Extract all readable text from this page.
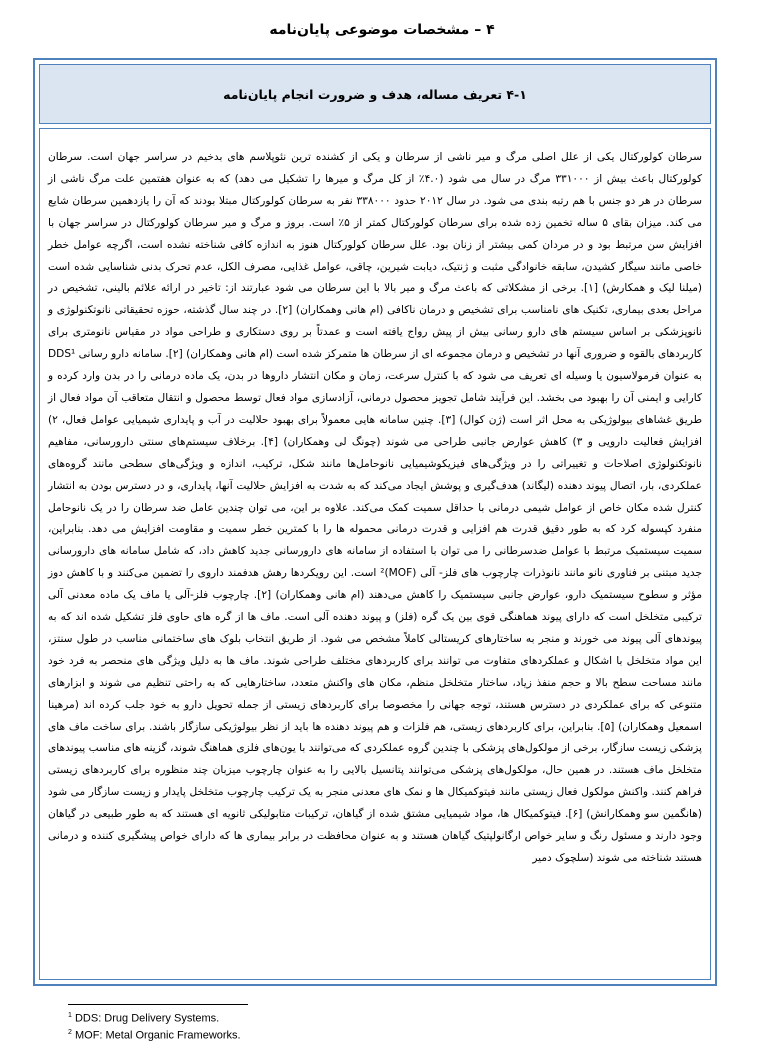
۴ – مشخصات موضوعی پایان‌نامه
۴-۱ تعریف مساله، هدف و ضرورت انجام پایان‌نامه

سرطان کولورکتال یکی از علل اصلی مرگ و میر ناشی از سرطان و یکی از کشنده ترین نئوپلاسم های بدخیم در سراسر جهان است. سرطان کولورکتال باعث بیش از ۳۳۱۰۰۰ مرگ در سال می شود (۴.۰٪ از کل مرگ و میرها را تشکیل می دهد) که به عنوان هفتمین علت مرگ ناشی از سرطان در هر دو جنس با هم رتبه بندی می شود. در سال ۲۰۱۲ حدود ۳۳۸۰۰۰ نفر به سرطان کولورکتال مبتلا بودند که آن را یازدهمین سرطان شایع می کند. میزان بقای ۵ ساله تخمین زده شده برای سرطان کولورکتال کمتر از ۵٪ است. بروز و مرگ و میر سرطان کولورکتال در سراسر جهان با افزایش سن مرتبط بود و در مردان کمی بیشتر از زنان بود. علل سرطان کولورکتال هنوز به اندازه کافی شناخته نشده است، اگرچه عوامل خطر خاصی مانند سیگار کشیدن، سابقه خانوادگی مثبت و ژنتیک، دیابت شیرین، چاقی، عوامل غذایی، مصرف الکل، عدم تحرک بدنی شناسایی شده است (میلنا لیک و همکارش) [۱]. برخی از مشکلاتی که باعث مرگ و میر بالا با این سرطان می شود عبارتند از: تاخیر در ارائه علائم بالینی، تشخیص در مراحل بعدی بیماری، تکنیک های نامناسب برای تشخیص و درمان ناکافی (ام هانی وهمکاران) [۲]. در چند سال گذشته، حوزه تحقیقاتی نانوتکنولوژی و نانوپزشکی بر اساس سیستم های دارو رسانی بیش از پیش رواج یافته است و عمدتاً بر روی دستکاری و طراحی مواد در مقیاس نانومتری برای کاربردهای بالقوه و ضروری آنها در تشخیص و درمان مجموعه ای از سرطان ها متمرکز شده است (ام هانی وهمکاران) [۲]. سامانه دارو رسانی DDS¹ به عنوان فرمولاسیون یا وسیله ای تعریف می شود که با کنترل سرعت، زمان و مکان انتشار داروها در بدن، یک ماده درمانی را در بدن وارد کرده و کارایی و ایمنی آن را بهبود می بخشد. این فرآیند شامل تجویز محصول درمانی، آزادسازی مواد فعال توسط محصول و انتقال متعاقب آن مواد فعال از طریق غشاهای بیولوژیکی به محل اثر است (ژن کوال) [۳]. چنین سامانه هایی معمولاً برای بهبود حلالیت در آب و پایداری شیمیایی عوامل فعال، ۲) افزایش فعالیت دارویی و ۳) کاهش عوارض جانبی طراحی می شوند (چونگ لی وهمکاران) [۴]. برخلاف سیستم‌های سنتی دارورسانی، مفاهیم نانوتکنولوژی اصلاحات و تغییراتی را در ویژگی‌های فیزیکوشیمیایی نانوحامل‌ها مانند شکل، ترکیب، اندازه و ویژگی‌های سطحی مانند گروه‌های عملکردی، بار، اتصال پیوند دهنده (لیگاند) هدف‌گیری و پوشش ایجاد می‌کند که به شدت به افزایش حلالیت آنها، پایداری، و در دسترس بودن به انتشار کنترل شده مکان خاص از عوامل شیمی درمانی با حداقل سمیت کمک می‌کند. علاوه بر این، می توان چندین عامل ضد سرطان را در یک نانوحامل منفرد کپسوله کرد که به طور دقیق قدرت هم افزایی و قدرت درمانی محموله ها را با کمترین خطر سمیت و مقاومت افزایش می دهد. بنابراین، سمیت سیستمیک مرتبط با عوامل ضدسرطانی را می توان با استفاده از سامانه های دارورسانی جدید کاهش داد، که شامل سامانه های دارورسانی جدید مبتنی بر فناوری نانو مانند نانوذرات چارچوب های فلز- آلی (MOF)² است. این رویکردها رهش هدفمند داروی را تضمین می‌کنند و با کاهش دوز مؤثر و سطوح سیستمیک دارو، عوارض جانبی سیستمیک را کاهش می‌دهند (ام هانی وهمکاران) [۲]. چارچوب فلز-آلی یا ماف یک ماده معدنی آلی ترکیبی متخلخل است که دارای پیوند هماهنگی قوی بین یک گره (فلز) و پیوند دهنده آلی است. ماف ها از گره های حاوی فلز تشکیل شده اند که به پیوندهای آلی پیوند می خورند و منجر به ساختارهای کریستالی کاملاً مشخص می شود. از طریق انتخاب بلوک های ساختمانی مناسب در طول سنتز، این مواد متخلخل با اشکال و عملکردهای متفاوت می توانند برای کاربردهای مختلف طراحی شوند. ماف ها به دلیل ویژگی های منحصر به فرد خود مانند مساحت سطح بالا و حجم منفذ زیاد، ساختار متخلخل منظم، مکان های واکنش متعدد، ساختارهایی که به راحتی تنظیم می شوند و ابزارهای متنوعی که برای عملکردی در دسترس هستند، توجه جهانی را مخصوصا برای کاربردهای زیستی از جمله تحویل دارو به خود جلب کرده اند (مرهینا اسمعیل وهمکاران) [۵]. بنابراین، برای کاربردهای زیستی، هم فلزات و هم پیوند دهنده ها باید از نظر بیولوژیکی سازگار باشند. برای ساخت ماف های پزشکی زیست سازگار، برخی از مولکول‌های پزشکی با چندین گروه عملکردی که می‌توانند با یون‌های فلزی هماهنگ شوند، گزینه های مناسب پیوندهای متخلخل ماف هستند. در همین حال، مولکول‌های پزشکی می‌توانند پتانسیل بالایی را به عنوان چارچوب میزبان چند منظوره برای کاربردهای زیستی فراهم کنند. واکنش مولکول فعال زیستی مانند فیتوکمیکال ها و نمک های معدنی منجر به یک ترکیب چارچوب متخلخل پایدار و زیست سازگار می شود (هانگمین سو وهمکارانش) [۶]. فیتوکمیکال ها، مواد شیمیایی مشتق شده از گیاهان، ترکیبات متابولیکی ثانویه ای هستند که به طور طبیعی در گیاهان وجود دارند و مسئول رنگ و سایر خواص ارگانولپتیک گیاهان هستند و به عنوان محافظت در برابر بیماری ها که دارای خواص پیشگیری کننده و درمانی هستند شناخته می شوند (سلچوک دمیر

$^1$ DDS: Drug Delivery Systems.
$^2$ MOF: Metal Organic Frameworks.
